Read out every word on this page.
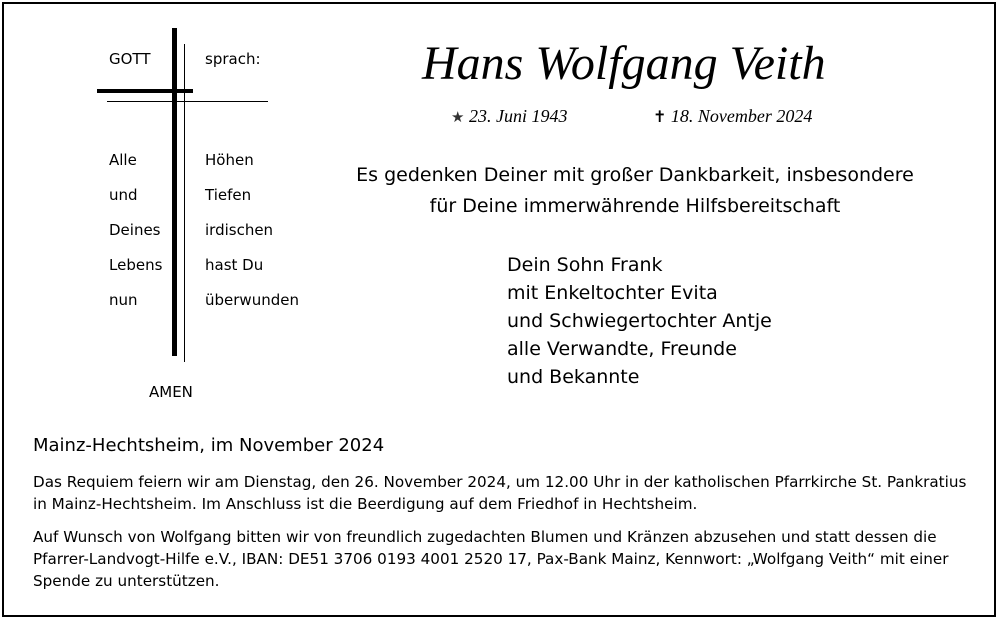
GOTT	sprach:
Alle	Höhen
und	Tiefen
Deines	irdischen
Lebens	hast Du
nun	überwunden
AMEN
Hans Wolfgang Veith
★ 23. Juni 1943	✝ 18. November 2024
Es gedenken Deiner mit großer Dankbarkeit, insbesondere
für Deine immerwährende Hilfsbereitschaft
Dein Sohn Frank
mit Enkeltochter Evita
und Schwiegertochter Antje
alle Verwandte, Freunde
und Bekannte
Mainz-Hechtsheim, im November 2024
Das Requiem feiern wir am Dienstag, den 26. November 2024, um 12.00 Uhr in der katholischen Pfarrkirche St. Pankratius
in Mainz-Hechtsheim. Im Anschluss ist die Beerdigung auf dem Friedhof in Hechtsheim.
Auf Wunsch von Wolfgang bitten wir von freundlich zugedachten Blumen und Kränzen abzusehen und statt dessen die
Pfarrer-Landvogt-Hilfe e.V., IBAN: DE51 3706 0193 4001 2520 17, Pax-Bank Mainz, Kennwort: „Wolfgang Veith“ mit einer
Spende zu unterstützen.
